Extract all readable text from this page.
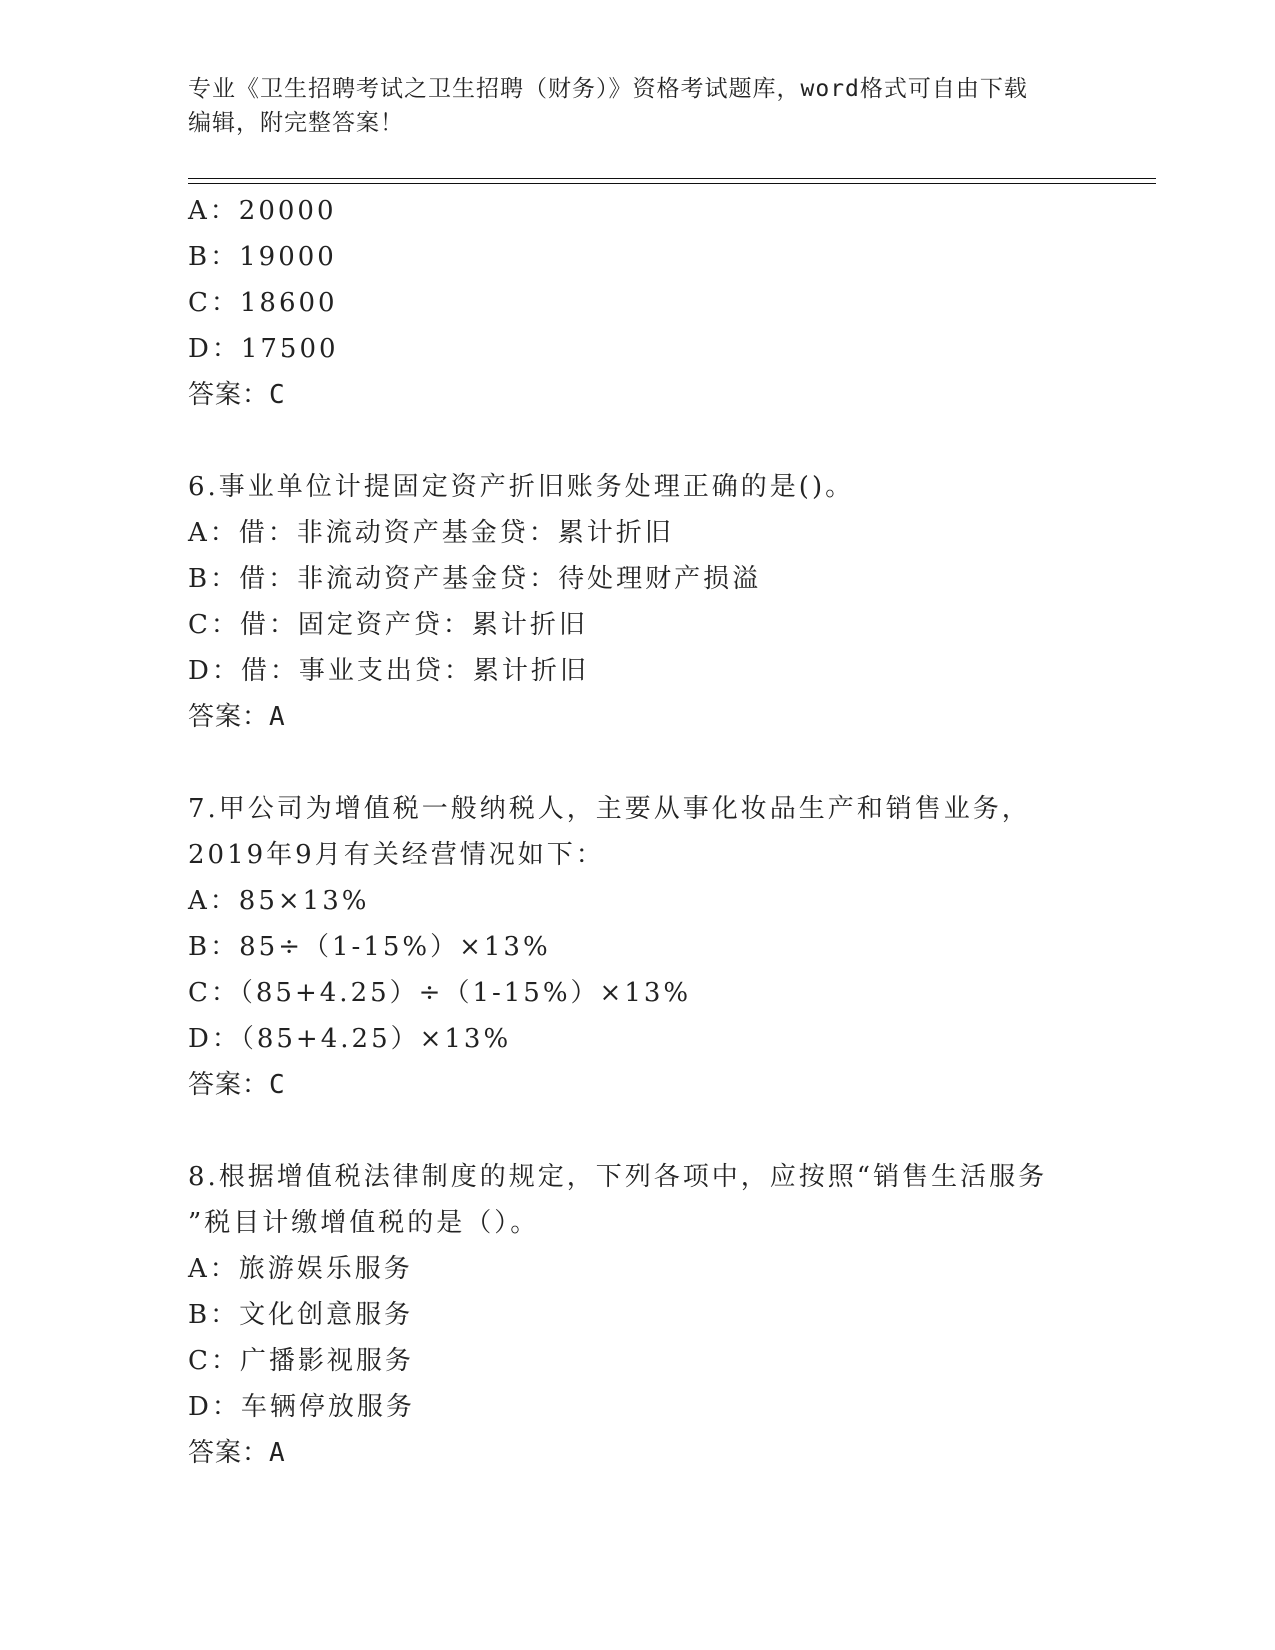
专业《卫生招聘考试之卫生招聘（财务）》资格考试题库，word格式可自由下载
编辑，附完整答案！
A：20000
B：19000
C：18600
D：17500
答案：C
6.事业单位计提固定资产折旧账务处理正确的是()。
A：借：非流动资产基金贷：累计折旧
B：借：非流动资产基金贷：待处理财产损溢
C：借：固定资产贷：累计折旧
D：借：事业支出贷：累计折旧
答案：A
7.甲公司为增值税一般纳税人，主要从事化妆品生产和销售业务，
2019年9月有关经营情况如下：
A：85×13%
B：85÷（1-15%）×13%
C：（85+4.25）÷（1-15%）×13%
D：（85+4.25）×13%
答案：C
8.根据增值税法律制度的规定，下列各项中，应按照“销售生活服务
”税目计缴增值税的是（）。
A：旅游娱乐服务
B：文化创意服务
C：广播影视服务
D：车辆停放服务
答案：A
